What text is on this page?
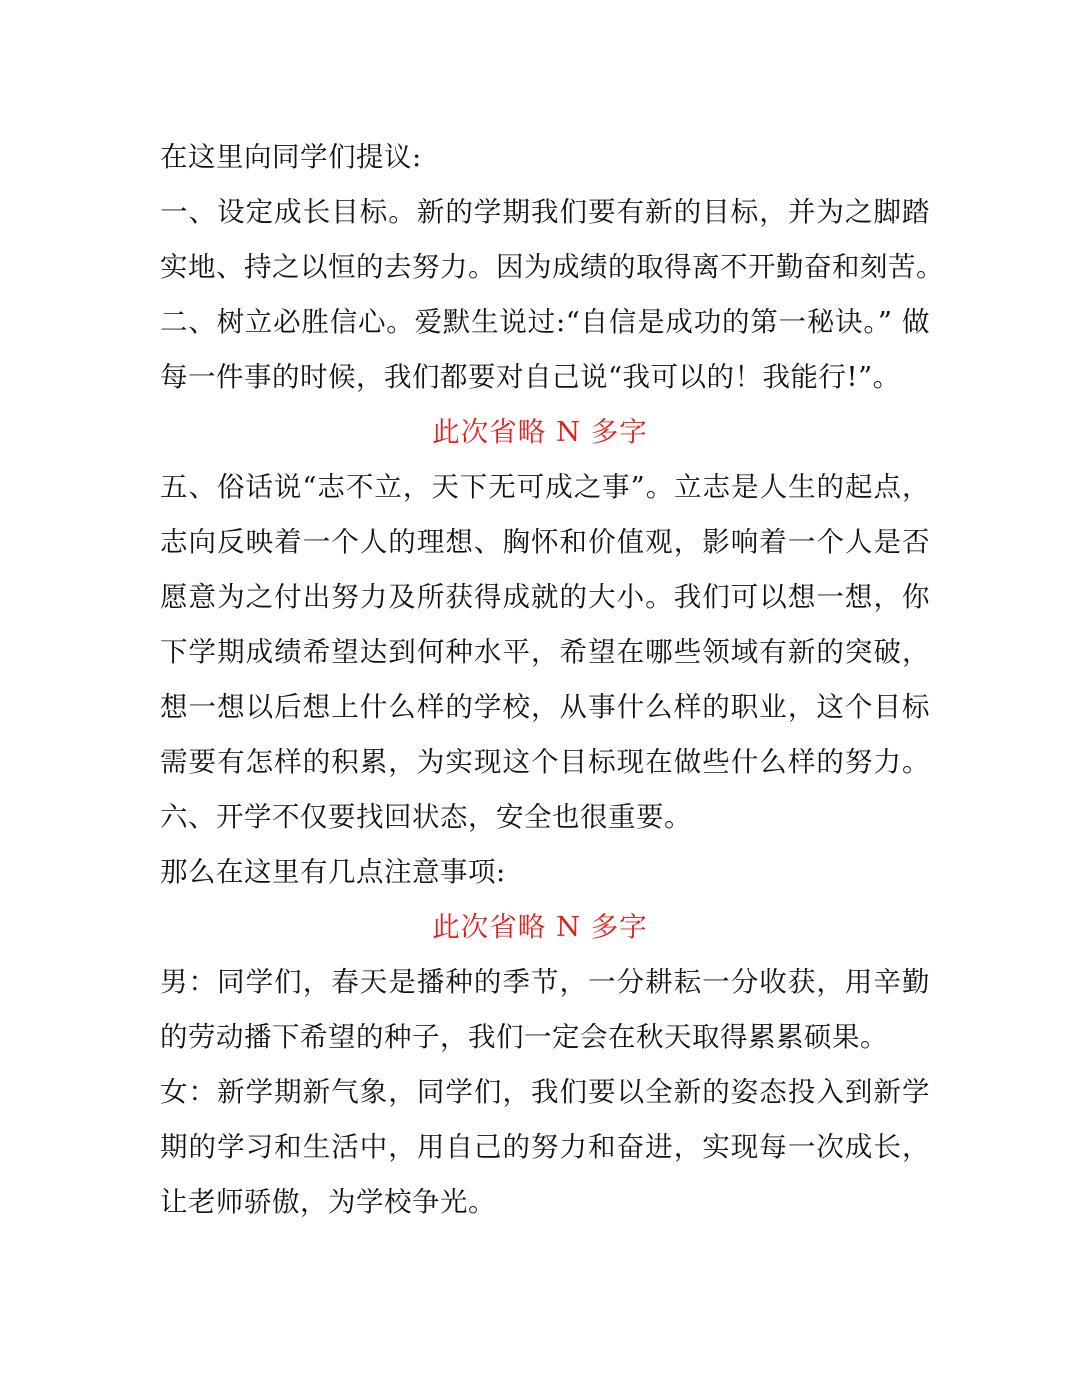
在这里向同学们提议:
一、设定成长目标。新的学期我们要有新的目标，并为之脚踏
实地、持之以恒的去努力。因为成绩的取得离不开勤奋和刻苦。
二、树立必胜信心。爱默生说过:“自信是成功的第一秘诀。” 做
每一件事的时候，我们都要对自己说“我可以的！我能行!”。
此次省略 N 多字
五、俗话说“志不立，天下无可成之事”。立志是人生的起点，
志向反映着一个人的理想、胸怀和价值观，影响着一个人是否
愿意为之付出努力及所获得成就的大小。我们可以想一想，你
下学期成绩希望达到何种水平，希望在哪些领域有新的突破，
想一想以后想上什么样的学校，从事什么样的职业，这个目标
需要有怎样的积累，为实现这个目标现在做些什么样的努力。
六、开学不仅要找回状态，安全也很重要。
那么在这里有几点注意事项:
此次省略 N 多字
男：同学们，春天是播种的季节，一分耕耘一分收获，用辛勤
的劳动播下希望的种子，我们一定会在秋天取得累累硕果。
女：新学期新气象，同学们，我们要以全新的姿态投入到新学
期的学习和生活中，用自己的努力和奋进，实现每一次成长，
让老师骄傲，为学校争光。
